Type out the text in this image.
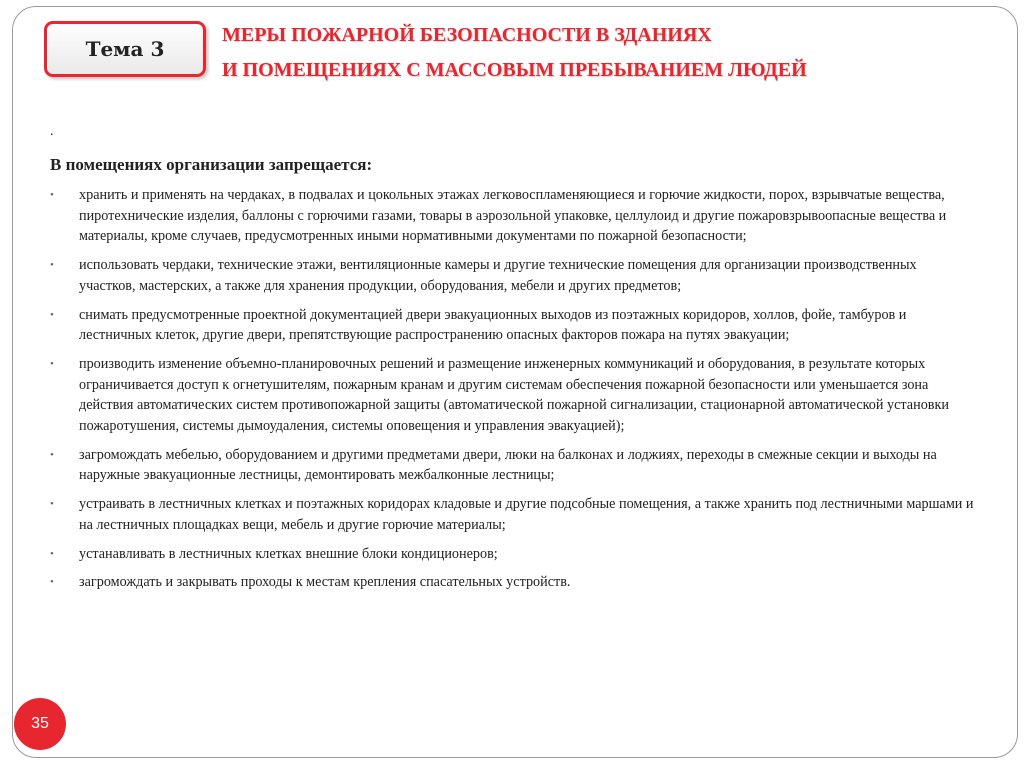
Тема 3
МЕРЫ ПОЖАРНОЙ БЕЗОПАСНОСТИ В ЗДАНИЯХ
И ПОМЕЩЕНИЯХ С МАССОВЫМ ПРЕБЫВАНИЕМ ЛЮДЕЙ
.
В помещениях организации запрещается:
• хранить и применять на чердаках, в подвалах и цокольных этажах легковоспламеняющиеся и горючие жидкости, порох, взрывчатые вещества, пиротехнические изделия, баллоны с горючими газами, товары в аэрозольной упаковке, целлулоид и другие пожаровзрывоопасные вещества и материалы, кроме случаев, предусмотренных иными нормативными документами по пожарной безопасности;
• использовать чердаки, технические этажи, вентиляционные камеры и другие технические помещения для организации производственных участков, мастерских, а также для хранения продукции, оборудования, мебели и других предметов;
• снимать предусмотренные проектной документацией двери эвакуационных выходов из поэтажных коридоров, холлов, фойе, тамбуров и лестничных клеток, другие двери, препятствующие распространению опасных факторов пожара на путях эвакуации;
• производить изменение объемно-планировочных решений и размещение инженерных коммуникаций и оборудования, в результате которых ограничивается доступ к огнетушителям, пожарным кранам и другим системам обеспечения пожарной безопасности или уменьшается зона действия автоматических систем противопожарной защиты (автоматической пожарной сигнализации, стационарной автоматической установки пожаротушения, системы дымоудаления, системы оповещения и управления эвакуацией);
• загромождать мебелью, оборудованием и другими предметами двери, люки на балконах и лоджиях, переходы в смежные секции и выходы на наружные эвакуационные лестницы, демонтировать межбалконные лестницы;
• устраивать в лестничных клетках и поэтажных коридорах кладовые и другие подсобные помещения, а также хранить под лестничными маршами и на лестничных площадках вещи, мебель и другие горючие материалы;
• устанавливать в лестничных клетках внешние блоки кондиционеров;
• загромождать и закрывать проходы к местам крепления спасательных устройств.
35
